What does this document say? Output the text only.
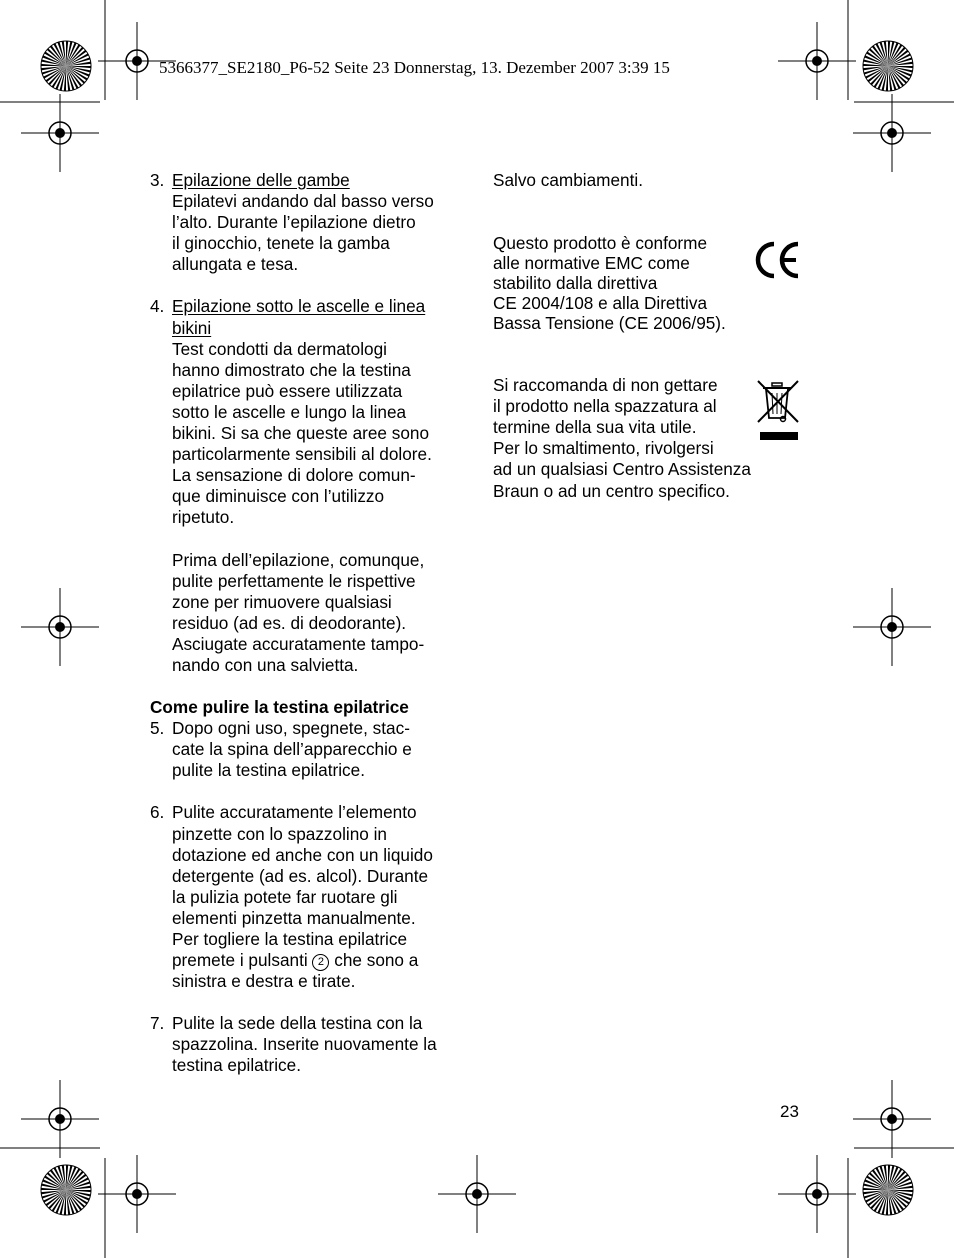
5366377_SE2180_P6-52 Seite 23 Donnerstag, 13. Dezember 2007 3:39 15
3. Epilazione delle gambe
Epilatevi andando dal basso verso
l’alto. Durante l’epilazione dietro
il ginocchio, tenete la gamba
allungata e tesa.
4. Epilazione sotto le ascelle e linea
bikini
Test condotti da dermatologi
hanno dimostrato che la testina
epilatrice può essere utilizzata
sotto le ascelle e lungo la linea
bikini. Si sa che queste aree sono
particolarmente sensibili al dolore.
La sensazione di dolore comun-
que diminuisce con l’utilizzo
ripetuto.
Prima dell’epilazione, comunque,
pulite perfettamente le rispettive
zone per rimuovere qualsiasi
residuo (ad es. di deodorante).
Asciugate accuratamente tampo-
nando con una salvietta.
Come pulire la testina epilatrice
5. Dopo ogni uso, spegnete, stac-
cate la spina dell’apparecchio e
pulite la testina epilatrice.
6. Pulite accuratamente l’elemento
pinzette con lo spazzolino in
dotazione ed anche con un liquido
detergente (ad es. alcol). Durante
la pulizia potete far ruotare gli
elementi pinzetta manualmente.
Per togliere la testina epilatrice
premete i pulsanti 2 che sono a
sinistra e destra e tirate.
7. Pulite la sede della testina con la
spazzolina. Inserite nuovamente la
testina epilatrice.
Salvo cambiamenti.
Questo prodotto è conforme
alle normative EMC come
stabilito dalla direttiva
CE 2004/108 e alla Direttiva
Bassa Tensione (CE 2006/95).
Si raccomanda di non gettare
il prodotto nella spazzatura al
termine della sua vita utile.
Per lo smaltimento, rivolgersi
ad un qualsiasi Centro Assistenza
Braun o ad un centro specifico.
23
